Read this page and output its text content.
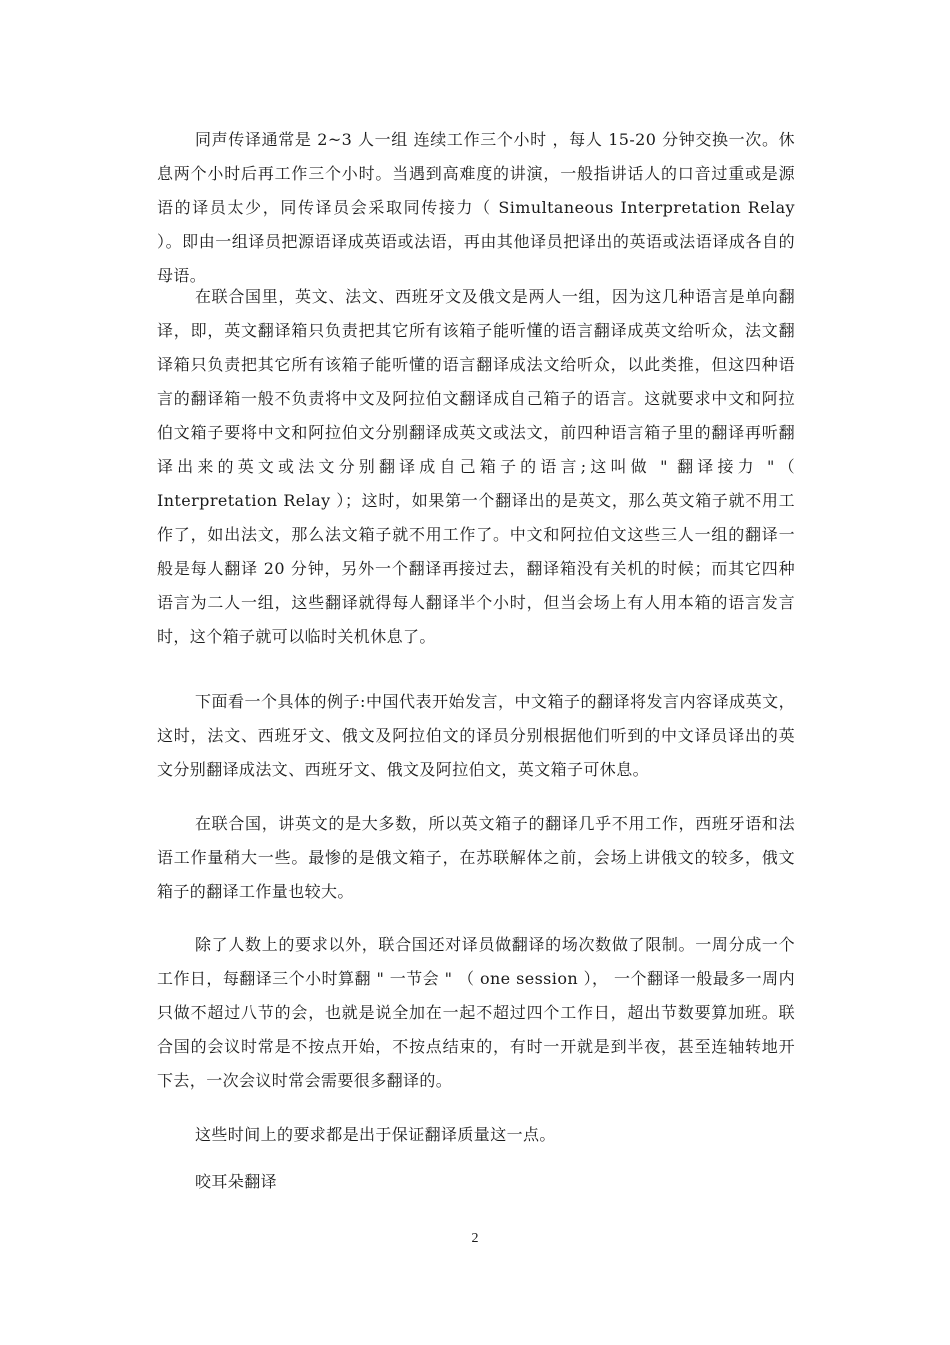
同声传译通常是 2~3 人一组 连续工作三个小时 ，每人 15-20 分钟交换一次。休息两个小时后再工作三个小时。当遇到高难度的讲演，一般指讲话人的口音过重或是源语的译员太少，同传译员会采取同传接力（ Simultaneous Interpretation Relay ）。即由一组译员把源语译成英语或法语，再由其他译员把译出的英语或法语译成各自的母语。

在联合国里，英文、法文、西班牙文及俄文是两人一组，因为这几种语言是单向翻译，即，英文翻译箱只负责把其它所有该箱子能听懂的语言翻译成英文给听众，法文翻译箱只负责把其它所有该箱子能听懂的语言翻译成法文给听众，以此类推，但这四种语言的翻译箱一般不负责将中文及阿拉伯文翻译成自己箱子的语言。这就要求中文和阿拉伯文箱子要将中文和阿拉伯文分别翻译成英文或法文，前四种语言箱子里的翻译再听翻译出来的英文或法文分别翻译成自己箱子的语言;这叫做 " 翻译接力 "（ Interpretation Relay ）；这时，如果第一个翻译出的是英文，那么英文箱子就不用工作了，如出法文，那么法文箱子就不用工作了。中文和阿拉伯文这些三人一组的翻译一般是每人翻译 20 分钟，另外一个翻译再接过去，翻译箱没有关机的时候；而其它四种语言为二人一组，这些翻译就得每人翻译半个小时，但当会场上有人用本箱的语言发言时，这个箱子就可以临时关机休息了。

下面看一个具体的例子:中国代表开始发言，中文箱子的翻译将发言内容译成英文，这时，法文、西班牙文、俄文及阿拉伯文的译员分别根据他们听到的中文译员译出的英文分别翻译成法文、西班牙文、俄文及阿拉伯文，英文箱子可休息。

在联合国，讲英文的是大多数，所以英文箱子的翻译几乎不用工作，西班牙语和法语工作量稍大一些。最惨的是俄文箱子，在苏联解体之前，会场上讲俄文的较多，俄文箱子的翻译工作量也较大。

除了人数上的要求以外，联合国还对译员做翻译的场次数做了限制。一周分成一个工作日，每翻译三个小时算翻 " 一节会 " （ one session ）， 一个翻译一般最多一周内只做不超过八节的会，也就是说全加在一起不超过四个工作日，超出节数要算加班。联合国的会议时常是不按点开始，不按点结束的，有时一开就是到半夜，甚至连轴转地开下去，一次会议时常会需要很多翻译的。

这些时间上的要求都是出于保证翻译质量这一点。

咬耳朵翻译

2
